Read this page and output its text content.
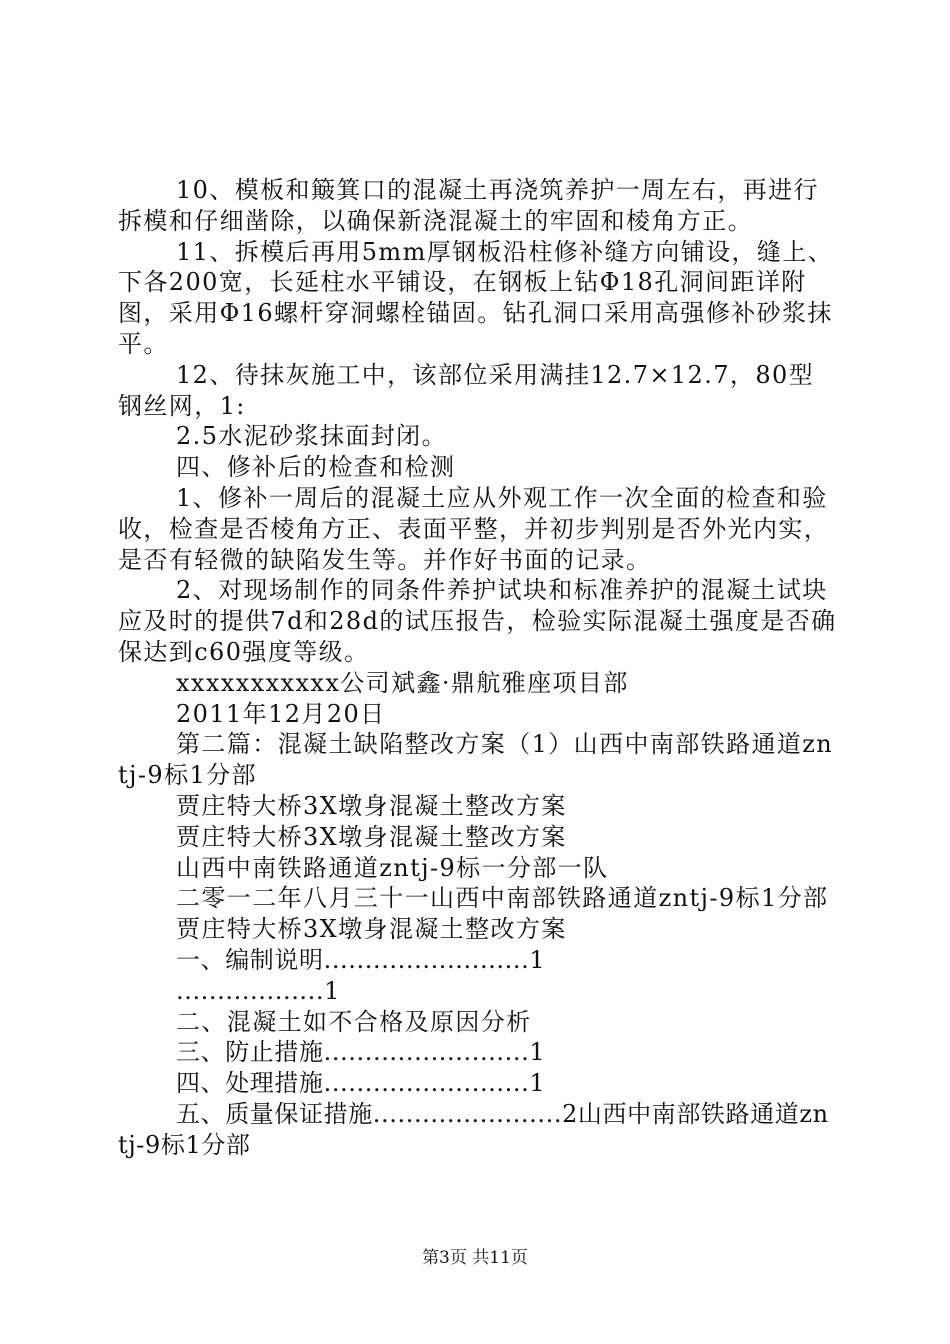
10、模板和簸箕口的混凝土再浇筑养护一周左右，再进行拆模和仔细凿除，以确保新浇混凝土的牢固和棱角方正。

11、拆模后再用5mm厚钢板沿柱修补缝方向铺设，缝上、下各200宽，长延柱水平铺设，在钢板上钻Φ18孔洞间距详附图，采用Φ16螺杆穿洞螺栓锚固。钻孔洞口采用高强修补砂浆抹平。

12、待抹灰施工中，该部位采用满挂12.7×12.7，80型钢丝网，1:

2.5水泥砂浆抹面封闭。

四、修补后的检查和检测

1、修补一周后的混凝土应从外观工作一次全面的检查和验收，检查是否棱角方正、表面平整，并初步判别是否外光内实，是否有轻微的缺陷发生等。并作好书面的记录。

2、对现场制作的同条件养护试块和标准养护的混凝土试块应及时的提供7d和28d的试压报告，检验实际混凝土强度是否确保达到c60强度等级。

xxxxxxxxxxx公司斌鑫·鼎航雅座项目部

2011年12月20日

第二篇：混凝土缺陷整改方案（1）山西中南部铁路通道zntj-9标1分部

贾庄特大桥3X墩身混凝土整改方案

贾庄特大桥3X墩身混凝土整改方案

山西中南铁路通道zntj-9标一分部一队

二零一二年八月三十一山西中南部铁路通道zntj-9标1分部

贾庄特大桥3X墩身混凝土整改方案

一、编制说明.........................1

..................1

二、混凝土如不合格及原因分析

三、防止措施.........................1

四、处理措施.........................1

五、质量保证措施.......................2山西中南部铁路通道zntj-9标1分部

第3页 共11页
